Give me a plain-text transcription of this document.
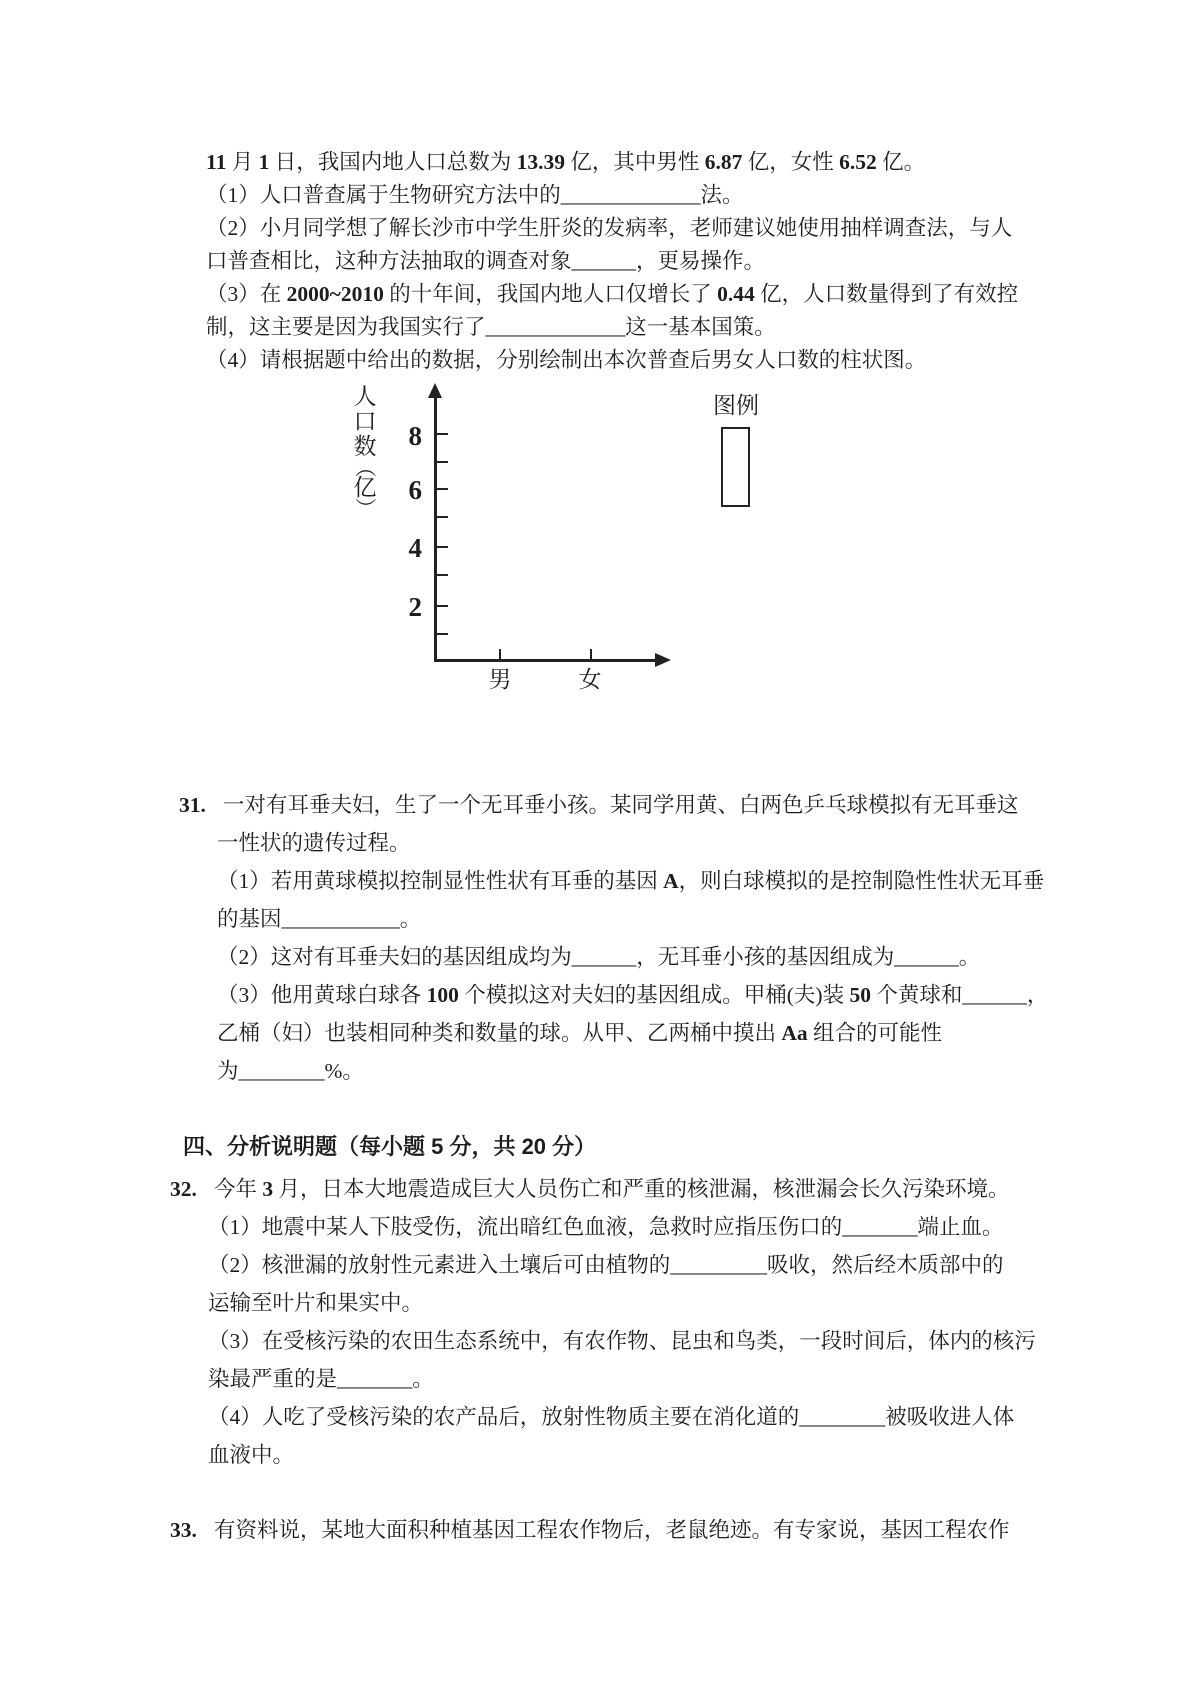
11 月 1 日，我国内地人口总数为 13.39 亿，其中男性 6.87 亿，女性 6.52 亿。
（1）人口普查属于生物研究方法中的_____________法。
（2）小月同学想了解长沙市中学生肝炎的发病率，老师建议她使用抽样调查法，与人
口普查相比，这种方法抽取的调查对象______，更易操作。
（3）在 2000~2010 的十年间，我国内地人口仅增长了 0.44 亿，人口数量得到了有效控
制，这主要是因为我国实行了_____________这一基本国策。
（4）请根据题中给出的数据，分别绘制出本次普查后男女人口数的柱状图。
人
口
数
（
亿
）
8
6
4
2
男	女
图例
31. 一对有耳垂夫妇，生了一个无耳垂小孩。某同学用黄、白两色乒乓球模拟有无耳垂这
一性状的遗传过程。
（1）若用黄球模拟控制显性性状有耳垂的基因 A，则白球模拟的是控制隐性性状无耳垂
的基因___________。
（2）这对有耳垂夫妇的基因组成均为______，无耳垂小孩的基因组成为______。
（3）他用黄球白球各 100 个模拟这对夫妇的基因组成。甲桶(夫)装 50 个黄球和______，
乙桶（妇）也装相同种类和数量的球。从甲、乙两桶中摸出 Aa 组合的可能性
为________%。
四、分析说明题（每小题 5 分，共 20 分）
32. 今年 3 月，日本大地震造成巨大人员伤亡和严重的核泄漏，核泄漏会长久污染环境。
（1）地震中某人下肢受伤，流出暗红色血液，急救时应指压伤口的_______端止血。
（2）核泄漏的放射性元素进入土壤后可由植物的_________吸收，然后经木质部中的
运输至叶片和果实中。
（3）在受核污染的农田生态系统中，有农作物、昆虫和鸟类，一段时间后，体内的核污
染最严重的是_______。
（4）人吃了受核污染的农产品后，放射性物质主要在消化道的________被吸收进人体
血液中。
33. 有资料说，某地大面积种植基因工程农作物后，老鼠绝迹。有专家说，基因工程农作
